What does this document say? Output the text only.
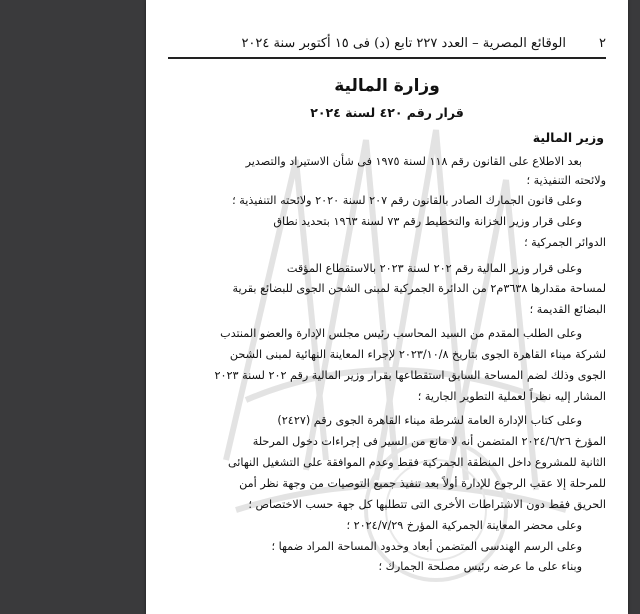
٢
الوقائع المصرية – العدد ٢٢٧ تابع (د) فى ١٥ أكتوبر سنة ٢٠٢٤
وزارة المالية
قرار رقم ٤٢٠ لسنة ٢٠٢٤
وزير المالية
بعد الاطلاع على القانون رقم ١١٨ لسنة ١٩٧٥ فى شأن الاستيراد والتصدير
ولائحته التنفيذية ؛
وعلى قانون الجمارك الصادر بالقانون رقم ٢٠٧ لسنة ٢٠٢٠ ولائحته التنفيذية ؛
وعلى قرار وزير الخزانة والتخطيط رقم ٧٣ لسنة ١٩٦٣ بتحديد نطاق
الدوائر الجمركية ؛
وعلى قرار وزير المالية رقم ٢٠٢ لسنة ٢٠٢٣ بالاستقطاع المؤقت
لمساحة مقدارها ٣٦٣٨م٢ من الدائرة الجمركية لمبنى الشحن الجوى للبضائع بقرية
البضائع القديمة ؛
وعلى الطلب المقدم من السيد المحاسب رئيس مجلس الإدارة والعضو المنتدب
لشركة ميناء القاهرة الجوى بتاريخ ٢٠٢٣/١٠/٨ لإجراء المعاينة النهائية لمبنى الشحن
الجوى وذلك لضم المساحة السابق استقطاعها بقرار وزير المالية رقم ٢٠٢ لسنة ٢٠٢٣
المشار إليه نظراً لعملية التطوير الجارية ؛
وعلى كتاب الإدارة العامة لشرطة ميناء القاهرة الجوى رقم (٢٤٢٧)
المؤرخ ٢٠٢٤/٦/٢٦ المتضمن أنه لا مانع من السير فى إجراءات دخول المرحلة
الثانية للمشروع داخل المنطقة الجمركية فقط وعدم الموافقة على التشغيل النهائى
للمرحلة إلا عقب الرجوع للإدارة أولاً بعد تنفيذ جميع التوصيات من وجهة نظر أمن
الحريق فقط دون الاشتراطات الأخرى التى تتطلبها كل جهة حسب الاختصاص ؛
وعلى محضر المعاينة الجمركية المؤرخ ٢٠٢٤/٧/٢٩ ؛
وعلى الرسم الهندسى المتضمن أبعاد وحدود المساحة المراد ضمها ؛
وبناء على ما عرضه رئيس مصلحة الجمارك ؛
